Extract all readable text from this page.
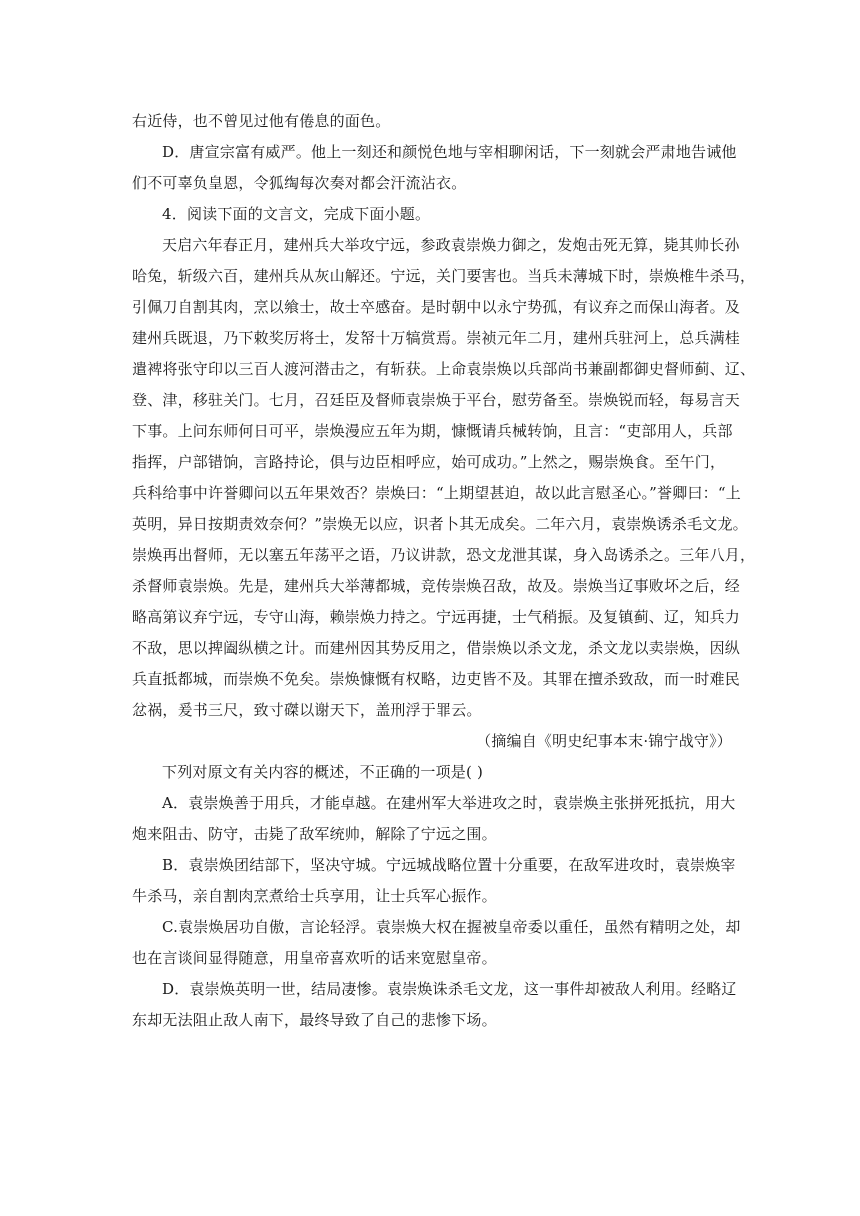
右近侍，也不曾见过他有倦息的面色。
D．唐宣宗富有威严。他上一刻还和颜悦色地与宰相聊闲话，下一刻就会严肃地告诫他
们不可辜负皇恩，令狐绹每次奏对都会汗流沾衣。
4．阅读下面的文言文，完成下面小题。
天启六年春正月，建州兵大举攻宁远，参政袁崇焕力御之，发炮击死无算，毙其帅长孙
哈兔，斩级六百，建州兵从灰山解还。宁远，关门要害也。当兵未薄城下时，崇焕椎牛杀马，
引佩刀自割其肉，烹以飨士，故士卒感奋。是时朝中以永宁势孤，有议弃之而保山海者。及
建州兵既退，乃下敕奖厉将士，发帑十万犒赏焉。崇祯元年二月，建州兵驻河上，总兵满桂
遣裨将张守印以三百人渡河潜击之，有斩获。上命袁崇焕以兵部尚书兼副都御史督师蓟、辽、
登、津，移驻关门。七月，召廷臣及督师袁崇焕于平台，慰劳备至。崇焕锐而轻，每易言天
下事。上问东师何日可平，崇焕漫应五年为期，慷慨请兵械转饷，且言：“吏部用人，兵部
指挥，户部错饷，言路持论，俱与边臣相呼应，始可成功。”上然之，赐崇焕食。至午门，
兵科给事中许誉卿问以五年果效否？崇焕曰：“上期望甚迫，故以此言慰圣心。”誉卿曰：“上
英明，异日按期责效奈何？”崇焕无以应，识者卜其无成矣。二年六月，袁崇焕诱杀毛文龙。
崇焕再出督师，无以塞五年荡平之语，乃议讲款，恐文龙泄其谋，身入岛诱杀之。三年八月，
杀督师袁崇焕。先是，建州兵大举薄都城，竞传崇焕召敌，故及。崇焕当辽事败坏之后，经
略高第议弃宁远，专守山海，赖崇焕力持之。宁远再捷，士气稍振。及复镇蓟、辽，知兵力
不敌，思以捭阖纵横之计。而建州因其势反用之，借崇焕以杀文龙，杀文龙以卖崇焕，因纵
兵直抵都城，而崇焕不免矣。崇焕慷慨有权略，边吏皆不及。其罪在擅杀致敌，而一时难民
忿祸，爰书三尺，致寸磔以谢天下，盖刑浮于罪云。
（摘编自《明史纪事本末·锦宁战守》）
下列对原文有关内容的概述，不正确的一项是( )
A．袁崇焕善于用兵，才能卓越。在建州军大举进攻之时，袁崇焕主张拼死抵抗，用大
炮来阻击、防守，击毙了敌军统帅，解除了宁远之围。
B．袁崇焕团结部下，坚决守城。宁远城战略位置十分重要，在敌军进攻时，袁崇焕宰
牛杀马，亲自割肉烹煮给士兵享用，让士兵军心振作。
C.袁崇焕居功自傲，言论轻浮。袁崇焕大权在握被皇帝委以重任，虽然有精明之处，却
也在言谈间显得随意，用皇帝喜欢听的话来宽慰皇帝。
D．袁崇焕英明一世，结局凄惨。袁崇焕诛杀毛文龙，这一事件却被敌人利用。经略辽
东却无法阻止敌人南下，最终导致了自己的悲惨下场。
